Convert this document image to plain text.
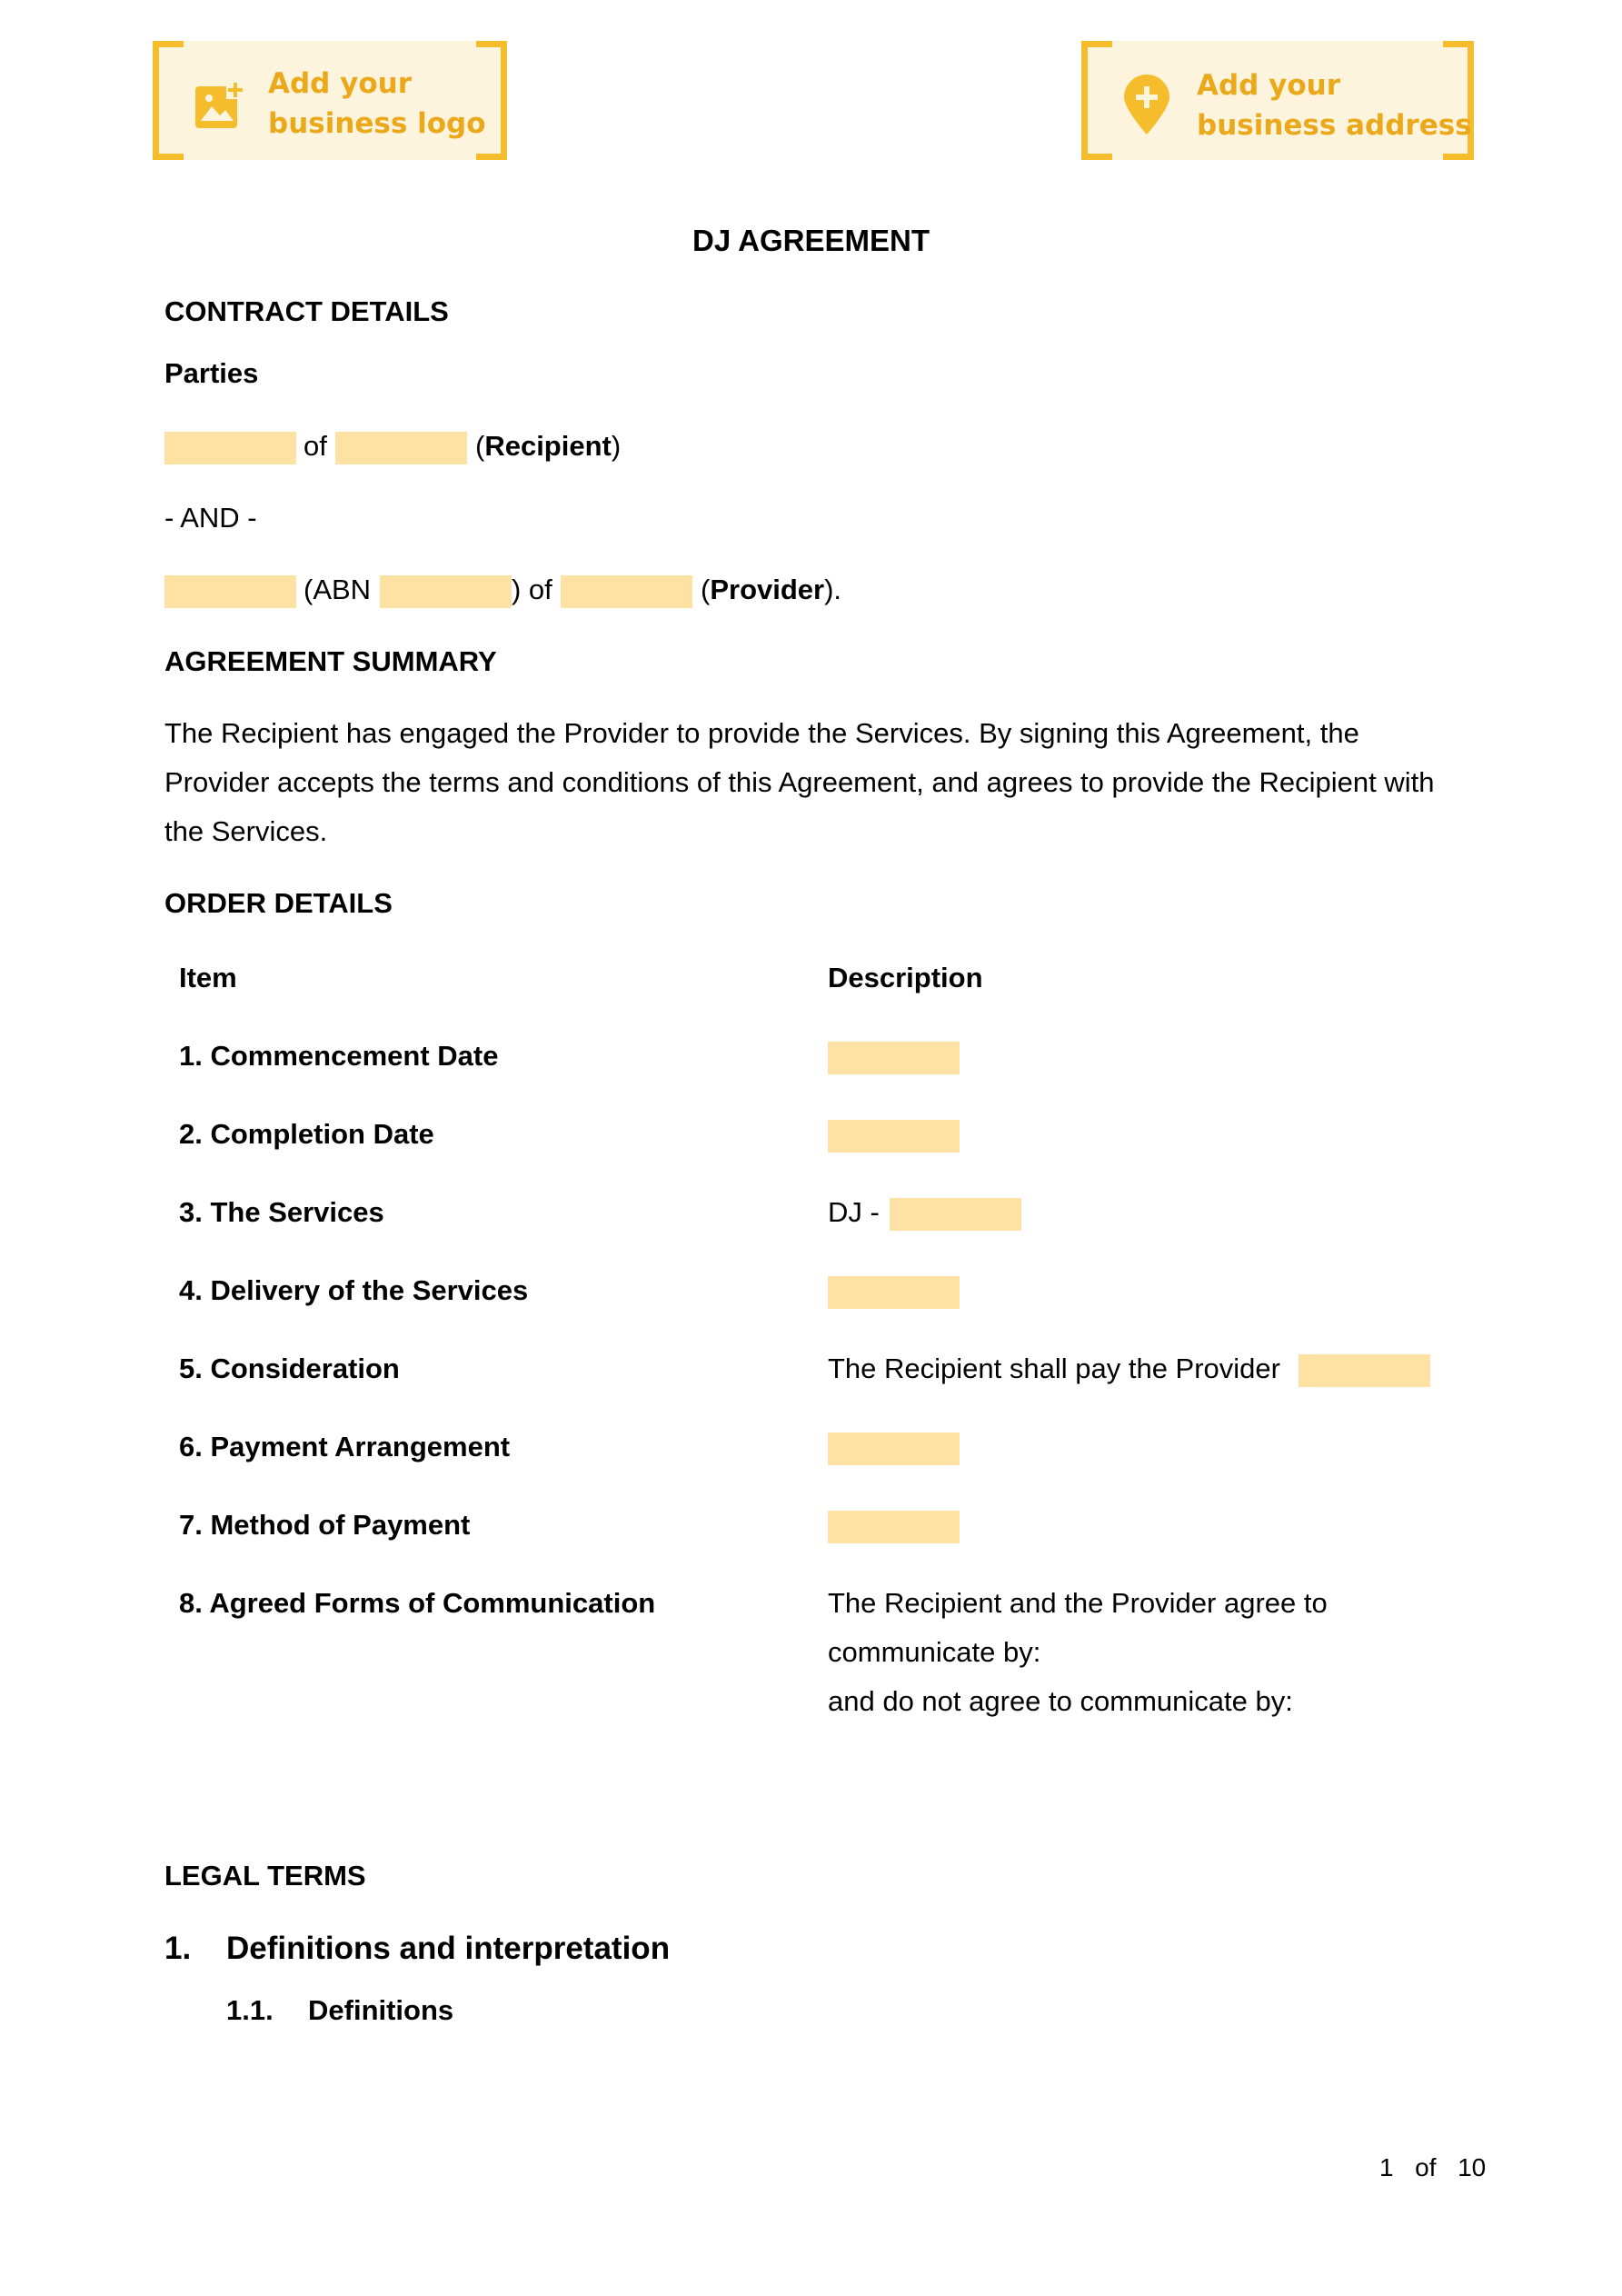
Add your
business logo
Add your
business address
DJ AGREEMENT
CONTRACT DETAILS
Parties
of	(Recipient)
- AND -
(ABN	) of	(Provider).
AGREEMENT SUMMARY
The Recipient has engaged the Provider to provide the Services. By signing this Agreement, the
Provider accepts the terms and conditions of this Agreement, and agrees to provide the Recipient with
the Services.
ORDER DETAILS
Item	Description
1. Commencement Date
2. Completion Date
3. The Services	DJ -
4. Delivery of the Services
5. Consideration	The Recipient shall pay the Provider
6. Payment Arrangement
7. Method of Payment
8. Agreed Forms of Communication	The Recipient and the Provider agree to
communicate by:
and do not agree to communicate by:
LEGAL TERMS
1. Definitions and interpretation
1.1. Definitions
1 of 10
